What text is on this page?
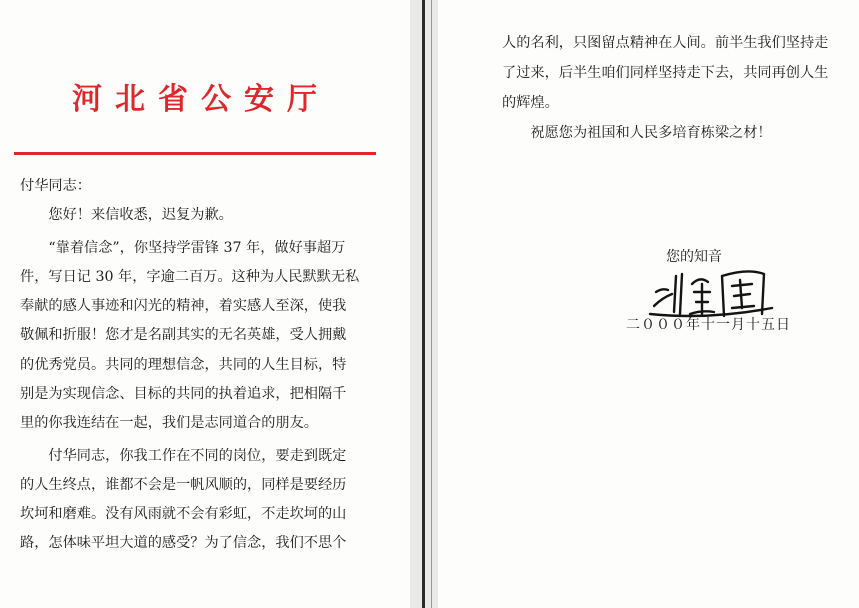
河北省公安厅
付华同志：
　　您好！来信收悉，迟复为歉。
　　“靠着信念”，你坚持学雷锋 37 年，做好事超万
件，写日记 30 年，字逾二百万。这种为人民默默无私
奉献的感人事迹和闪光的精神，着实感人至深，使我
敬佩和折服！您才是名副其实的无名英雄，受人拥戴
的优秀党员。共同的理想信念，共同的人生目标，特
别是为实现信念、目标的共同的执着追求，把相隔千
里的你我连结在一起，我们是志同道合的朋友。
　　付华同志，你我工作在不同的岗位，要走到既定
的人生终点，谁都不会是一帆风顺的，同样是要经历
坎坷和磨难。没有风雨就不会有彩虹，不走坎坷的山
路，怎体味平坦大道的感受？为了信念，我们不思个
人的名利，只图留点精神在人间。前半生我们坚持走
了过来，后半生咱们同样坚持走下去，共同再创人生
的辉煌。
　　祝愿您为祖国和人民多培育栋梁之材！
您的知音
二０００年十一月十五日
